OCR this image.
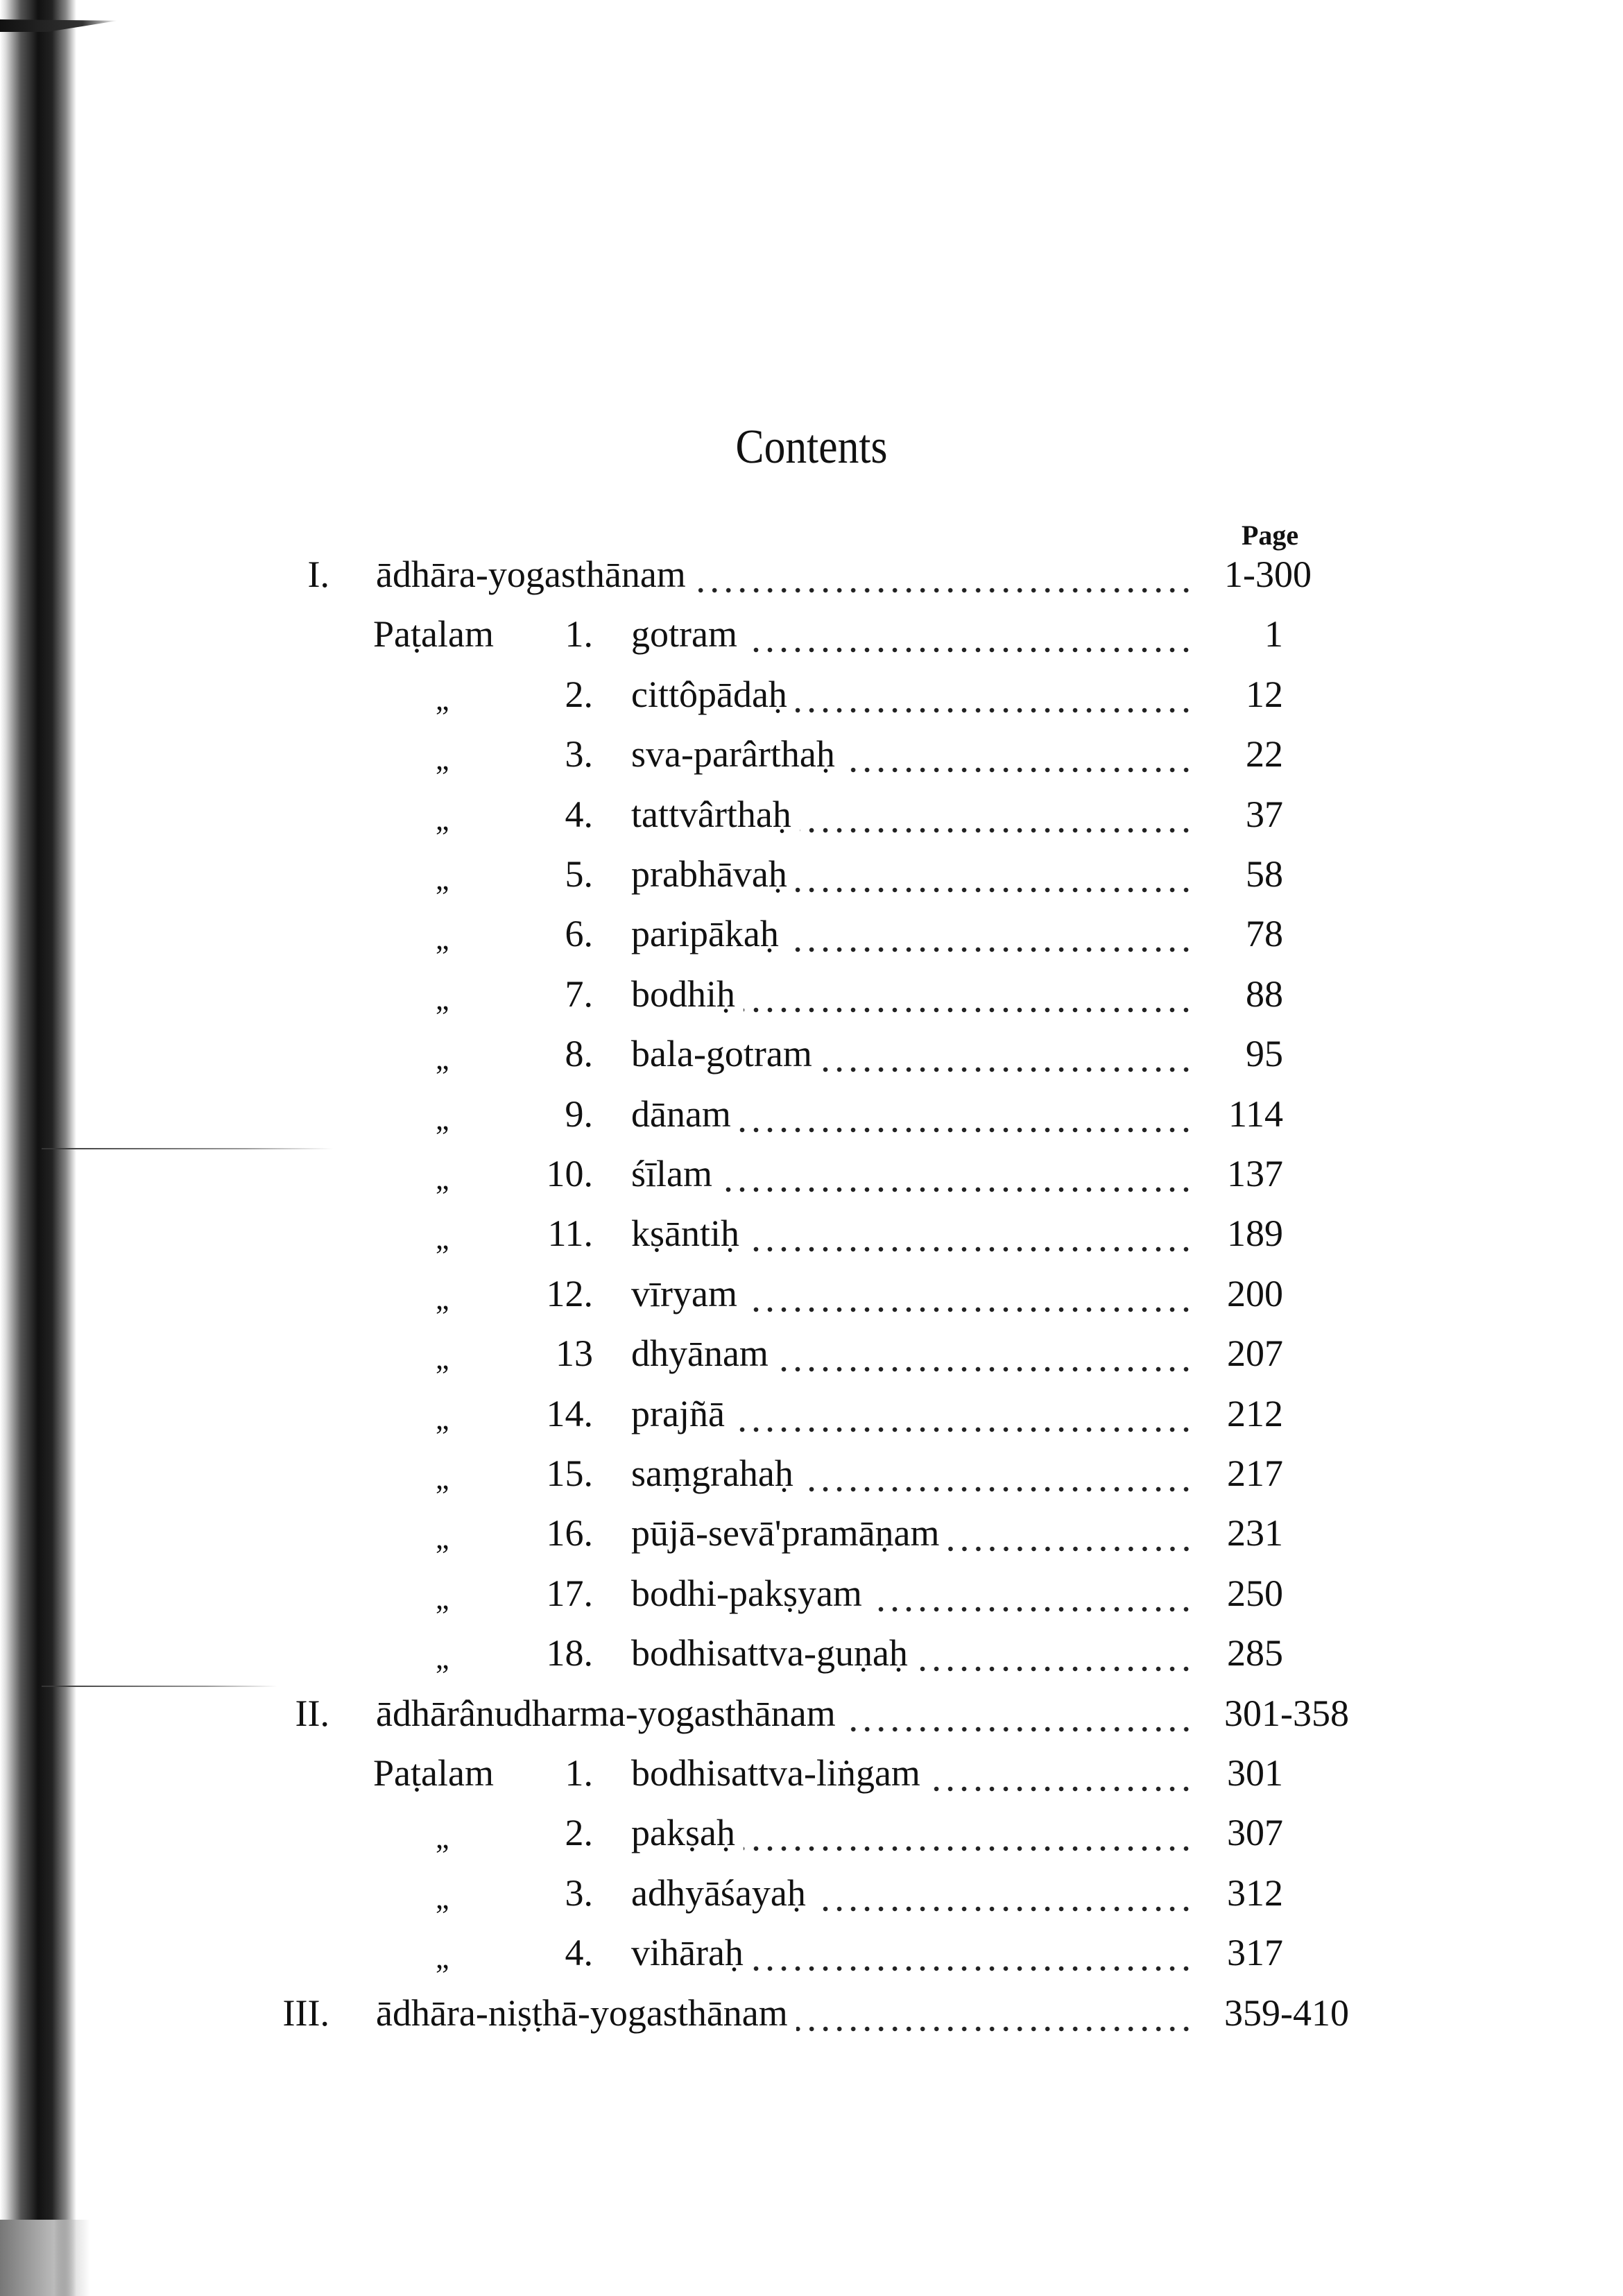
Contents
Page
I. ādhāra-yogasthānam	1-300
Paṭalam	1. gotram	1
„	2. cittôpādaḥ	12
„	3. sva-parârthaḥ	22
„	4. tattvârthaḥ	37
„	5. prabhāvaḥ	58
„	6. paripākaḥ	78
„	7. bodhiḥ	88
„	8. bala-gotram	95
„	9. dānam	114
„	10. śīlam	137
„	11. kṣāntiḥ	189
„	12. vīryam	200
„	13 dhyānam	207
„	14. prajñā	212
„	15. saṃgrahaḥ	217
„	16. pūjā-sevā'pramāṇam	231
„	17. bodhi-pakṣyam	250
„	18. bodhisattva-guṇaḥ	285
II. ādhārânudharma-yogasthānam	301-358
Paṭalam	1. bodhisattva-liṅgam	301
„	2. pakṣaḥ	307
„	3. adhyāśayaḥ	312
„	4. vihāraḥ	317
III. ādhāra-niṣṭhā-yogasthānam	359-410
